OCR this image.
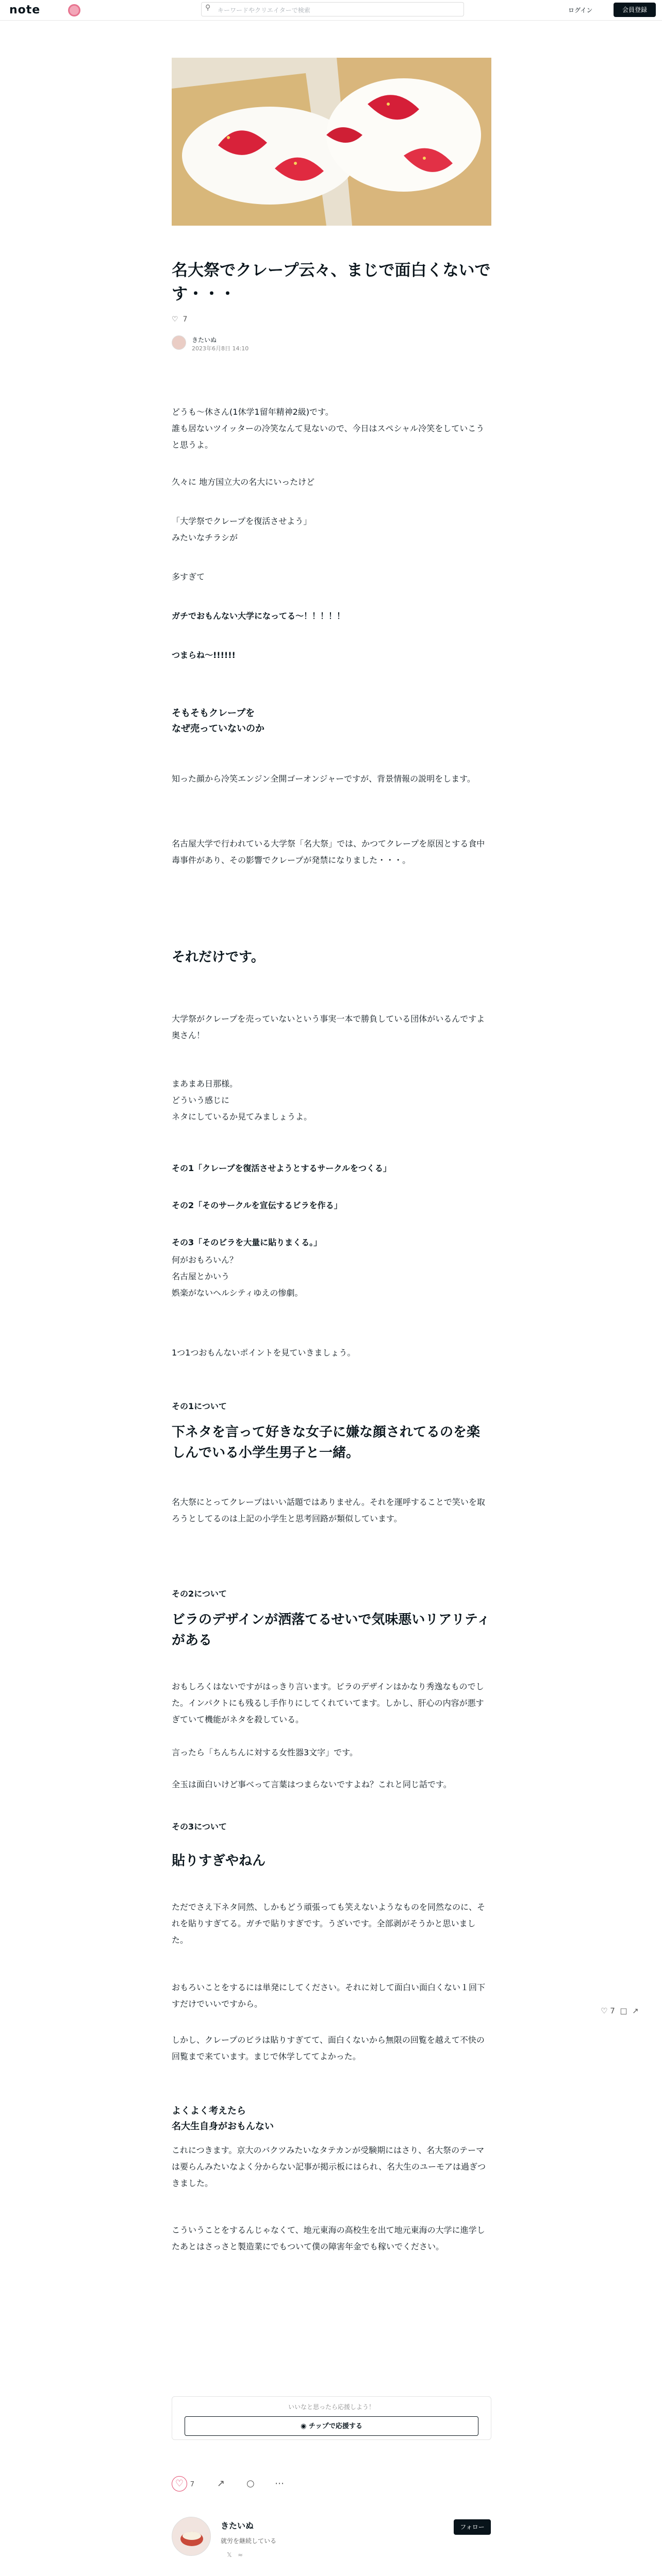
note	⚲ キーワードやクリエイターで検索	ログイン	会員登録
名大祭でクレープ云々、まじで面白くないです・・・
♡ 7
きたいぬ
2023年6月8日 14:10
どうも〜休さん(1休学1留年精神2級)です。
誰も居ないツイッターの冷笑なんて見ないので、今日はスペシャル冷笑をしていこうと思うよ。
久々に 地方国立大の名大にいったけど
「大学祭でクレープを復活させよう」
みたいなチラシが
多すぎて
ガチでおもんない大学になってる〜！！！！！
つまらね〜!!!!!!
そもそもクレープを
なぜ売っていないのか
知った顔から冷笑エンジン全開ゴーオンジャーですが、背景情報の説明をします。
名古屋大学で行われている大学祭「名大祭」では、かつてクレープを原因とする食中毒事件があり、その影響でクレープが発禁になりました・・・。
それだけです。
大学祭がクレープを売っていないという事実一本で勝負している団体がいるんですよ奥さん！
まあまあ日那様。
どういう感じに
ネタにしているか見てみましょうよ。
その1「クレープを復活させようとするサークルをつくる」
その2「そのサークルを宣伝するビラを作る」
その3「そのビラを大量に貼りまくる。」
何がおもろいん？
名古屋とかいう
娯楽がないヘルシティゆえの惨劇。
1つ1つおもんないポイントを見ていきましょう。
その1について
下ネタを言って好きな女子に嫌な顔されてるのを楽しんでいる小学生男子と一緒。
名大祭にとってクレープはいい話題ではありません。それを運呼することで笑いを取ろうとしてるのは上記の小学生と思考回路が類似しています。
その2について
ビラのデザインが洒落てるせいで気味悪いリアリティがある
おもしろくはないですがはっきり言います。ビラのデザインはかなり秀逸なものでした。インパクトにも残るし手作りにしてくれていてます。しかし、肝心の内容が悪すぎていて機能がネタを殺している。
言ったら「ちんちんに対する女性器3文字」です。
全玉は面白いけど事べって言葉はつまらないですよね？これと同じ話です。
その3について
貼りすぎやねん
ただでさえ下ネタ同然、しかもどう頑張っても笑えないようなものを同然なのに、それを貼りすぎてる。ガチで貼りすぎです。うざいです。全部剥がそうかと思いました。
おもろいことをするには単発にしてください。それに対して面白い面白くない１回下すだけでいいですから。
しかし、クレープのビラは貼りすぎてて、面白くないから無限の回覧を越えて不快の回覧まで来ています。まじで休学しててよかった。
よくよく考えたら
名大生自身がおもんない
これにつきます。京大のバクツみたいなタテカンが受験期にはさり、名大祭のテーマは要らんみたいなよく分からない記事が掲示板にはられ、名大生のユーモアは過ぎつきました。
こういうことをするんじゃなくて、地元東海の高校生を出て地元東海の大学に進学したあとはさっさと製造業にでもついて僕の障害年金でも稼いでください。
♡ 7 □ ↗
いいなと思ったら応援しよう！
◉ チップで応援する
♡ 7 ↗ ○ ⋯
きたいぬ
就労を継続している
𝕏 ≈
フォロー
